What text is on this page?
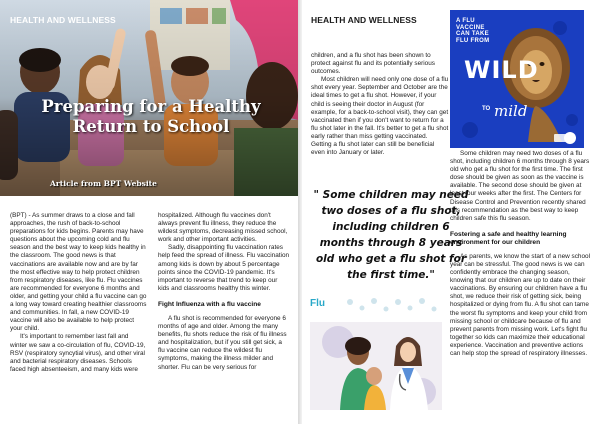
HEALTH AND WELLNESS
Preparing for a Healthy Return to School
Article from BPT Website

(BPT) - As summer draws to a close and fall approaches, the rush of back-to-school preparations for kids begins. Parents may have questions about the upcoming cold and flu season and the best way to keep kids healthy in the classroom. The good news is that vaccinations are available now and are by far the most effective way to help protect children from respiratory diseases, like flu. Flu vaccines are recommended for everyone 6 months and older, and getting your child a flu vaccine can go a long way toward creating healthier classrooms and communities. In fall, a new COVID-19 vaccine will also be available to help protect your child.

It's important to remember last fall and winter we saw a co-circulation of flu, COVID-19, RSV (respiratory syncytial virus), and other viral and bacterial respiratory diseases. Schools faced high absenteeism, and many kids were

hospitalized. Although flu vaccines don't always prevent flu illness, they reduce the wildest symptoms, decreasing missed school, work and other important activities.

Sadly, disappointing flu vaccination rates help feed the spread of illness. Flu vaccination among kids is down by about 5 percentage points since the COVID-19 pandemic. It's important to reverse that trend to keep our kids and classrooms healthy this winter.

Fight Influenza with a flu vaccine

A flu shot is recommended for everyone 6 months of age and older. Among the many benefits, flu shots reduce the risk of flu illness and hospitalization, but if you still get sick, a flu vaccine can reduce the wildest flu symptoms, making the illness milder and shorter. Flu can be very serious for

HEALTH AND WELLNESS

children, and a flu shot has been shown to protect against flu and its potentially serious outcomes.

Most children will need only one dose of a flu shot every year. September and October are the ideal times to get a flu shot. However, if your child is seeing their doctor in August (for example, for a back-to-school visit), they can get vaccinated then if you don't want to return for a flu shot later in the fall. It's better to get a flu shot early rather than miss getting vaccinated. Getting a flu shot later can still be beneficial even into January or later.

" Some children may need two doses of a flu shot, including children 6 months through 8 years old who get a flu shot for the first time."
Flu
A FLU VACCINE CAN TAKE FLU FROM
WILD
TO mild

Some children may need two doses of a flu shot, including children 6 months through 8 years old who get a flu shot for the first time. The first dose should be given as soon as the vaccine is available. The second dose should be given at least four weeks after the first. The Centers for Disease Control and Prevention recently shared this recommendation as the best way to keep children safe this flu season.

Fostering a safe and healthy learning environment for our children

As parents, we know the start of a new school year can be stressful. The good news is we can confidently embrace the changing season, knowing that our children are up to date on their vaccinations. By ensuring our children have a flu shot, we reduce their risk of getting sick, being hospitalized or dying from flu. A flu shot can tame the worst flu symptoms and keep your child from missing school or childcare because of flu and prevent parents from missing work. Let's fight flu together so kids can maximize their educational experience. Vaccination and preventive actions can help stop the spread of respiratory illnesses.
